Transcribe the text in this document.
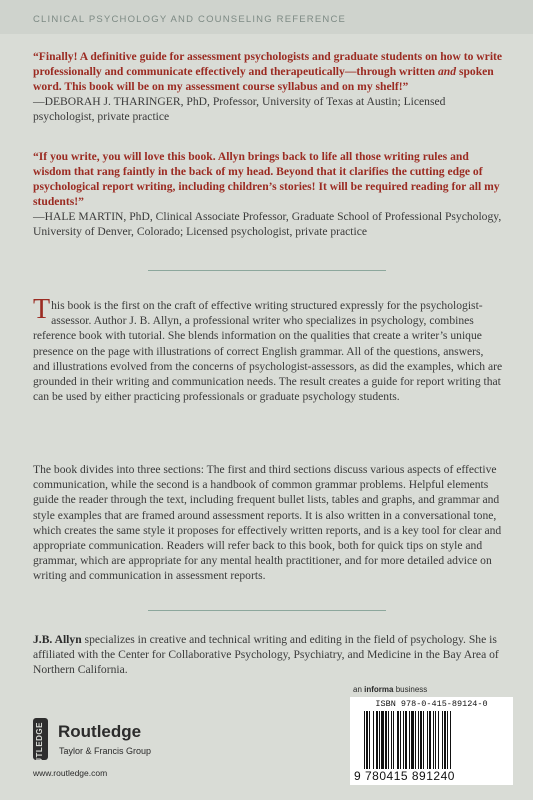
CLINICAL PSYCHOLOGY AND COUNSELING REFERENCE
“Finally! A definitive guide for assessment psychologists and graduate students on how to write professionally and communicate effectively and therapeutically—through written and spoken word. This book will be on my assessment course syllabus and on my shelf!”
—DEBORAH J. THARINGER, PhD, Professor, University of Texas at Austin; Licensed psychologist, private practice
“If you write, you will love this book. Allyn brings back to life all those writing rules and wisdom that rang faintly in the back of my head. Beyond that it clarifies the cutting edge of psychological report writing, including children’s stories! It will be required reading for all my students!”
—HALE MARTIN, PhD, Clinical Associate Professor, Graduate School of Professional Psychology, University of Denver, Colorado; Licensed psychologist, private practice
This book is the first on the craft of effective writing structured expressly for the psychologist-assessor. Author J. B. Allyn, a professional writer who specializes in psychology, combines reference book with tutorial. She blends information on the qualities that create a writer’s unique presence on the page with illustrations of correct English grammar. All of the questions, answers, and illustrations evolved from the concerns of psychologist-assessors, as did the examples, which are grounded in their writing and communication needs. The result creates a guide for report writing that can be used by either practicing professionals or graduate psychology students.
The book divides into three sections: The first and third sections discuss various aspects of effective communication, while the second is a handbook of common grammar problems. Helpful elements guide the reader through the text, including frequent bullet lists, tables and graphs, and grammar and style examples that are framed around assessment reports. It is also written in a conversational tone, which creates the same style it proposes for effectively written reports, and is a key tool for clear and appropriate communication. Readers will refer back to this book, both for quick tips on style and grammar, which are appropriate for any mental health practitioner, and for more detailed advice on writing and communication in assessment reports.
J.B. Allyn specializes in creative and technical writing and editing in the field of psychology. She is affiliated with the Center for Collaborative Psychology, Psychiatry, and Medicine in the Bay Area of Northern California.
an informa business
ROUTLEDGE Routledge
Taylor & Francis Group
www.routledge.com
ISBN 978-0-415-89124-0
9 780415 891240
